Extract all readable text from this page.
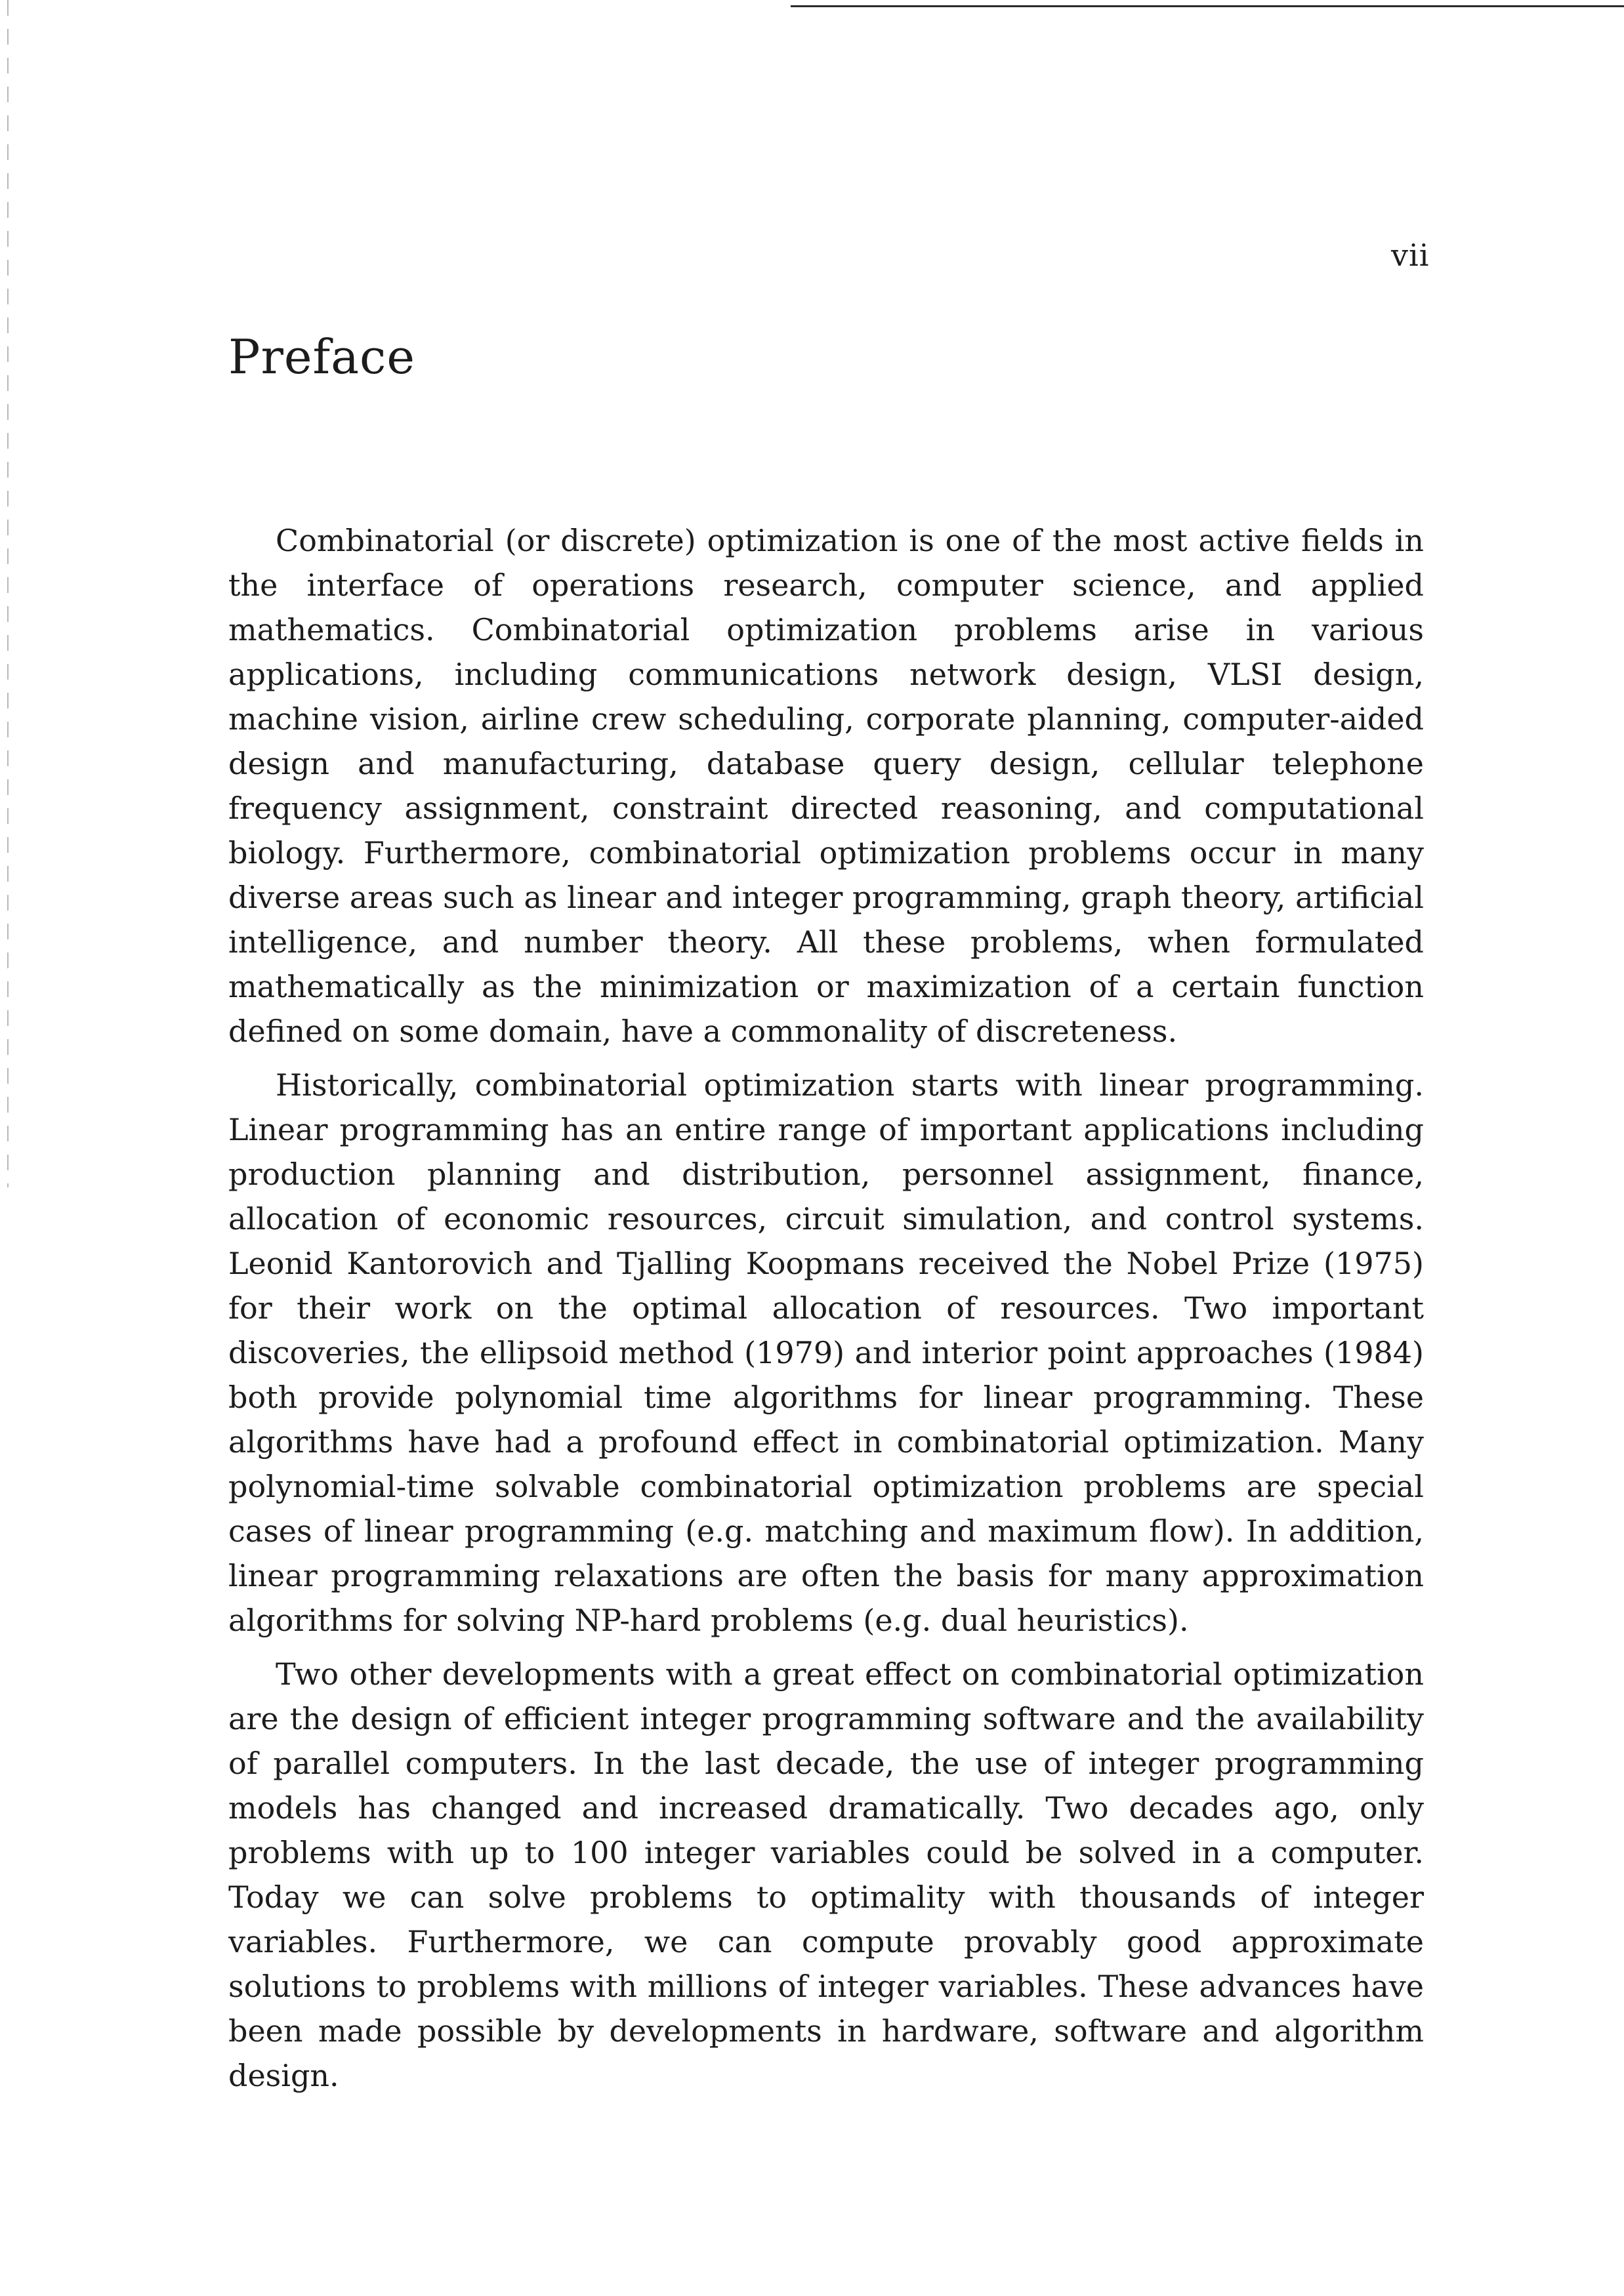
vii
Preface

Combinatorial (or discrete) optimization is one of the most active fields in the interface of operations research, computer science, and applied mathematics. Combinatorial optimization problems arise in various applications, including communications network design, VLSI design, machine vision, airline crew scheduling, corporate planning, computer-aided design and manufacturing, database query design, cellular telephone frequency assignment, constraint directed reasoning, and computational biology. Furthermore, combinatorial optimization problems occur in many diverse areas such as linear and integer programming, graph theory, artificial intelligence, and number theory. All these problems, when formulated mathematically as the minimization or maximization of a certain function defined on some domain, have a commonality of discreteness.

Historically, combinatorial optimization starts with linear programming. Linear programming has an entire range of important applications including production planning and distribution, personnel assignment, finance, allocation of economic resources, circuit simulation, and control systems. Leonid Kantorovich and Tjalling Koopmans received the Nobel Prize (1975) for their work on the optimal allocation of resources. Two important discoveries, the ellipsoid method (1979) and interior point approaches (1984) both provide polynomial time algorithms for linear programming. These algorithms have had a profound effect in combinatorial optimization. Many polynomial-time solvable combinatorial optimization problems are special cases of linear programming (e.g. matching and maximum flow). In addition, linear programming relaxations are often the basis for many approximation algorithms for solving NP-hard problems (e.g. dual heuristics).

Two other developments with a great effect on combinatorial optimization are the design of efficient integer programming software and the availability of parallel computers. In the last decade, the use of integer programming models has changed and increased dramatically. Two decades ago, only problems with up to 100 integer variables could be solved in a computer. Today we can solve problems to optimality with thousands of integer variables. Furthermore, we can compute provably good approximate solutions to problems with millions of integer variables. These advances have been made possible by developments in hardware, software and algorithm design.
